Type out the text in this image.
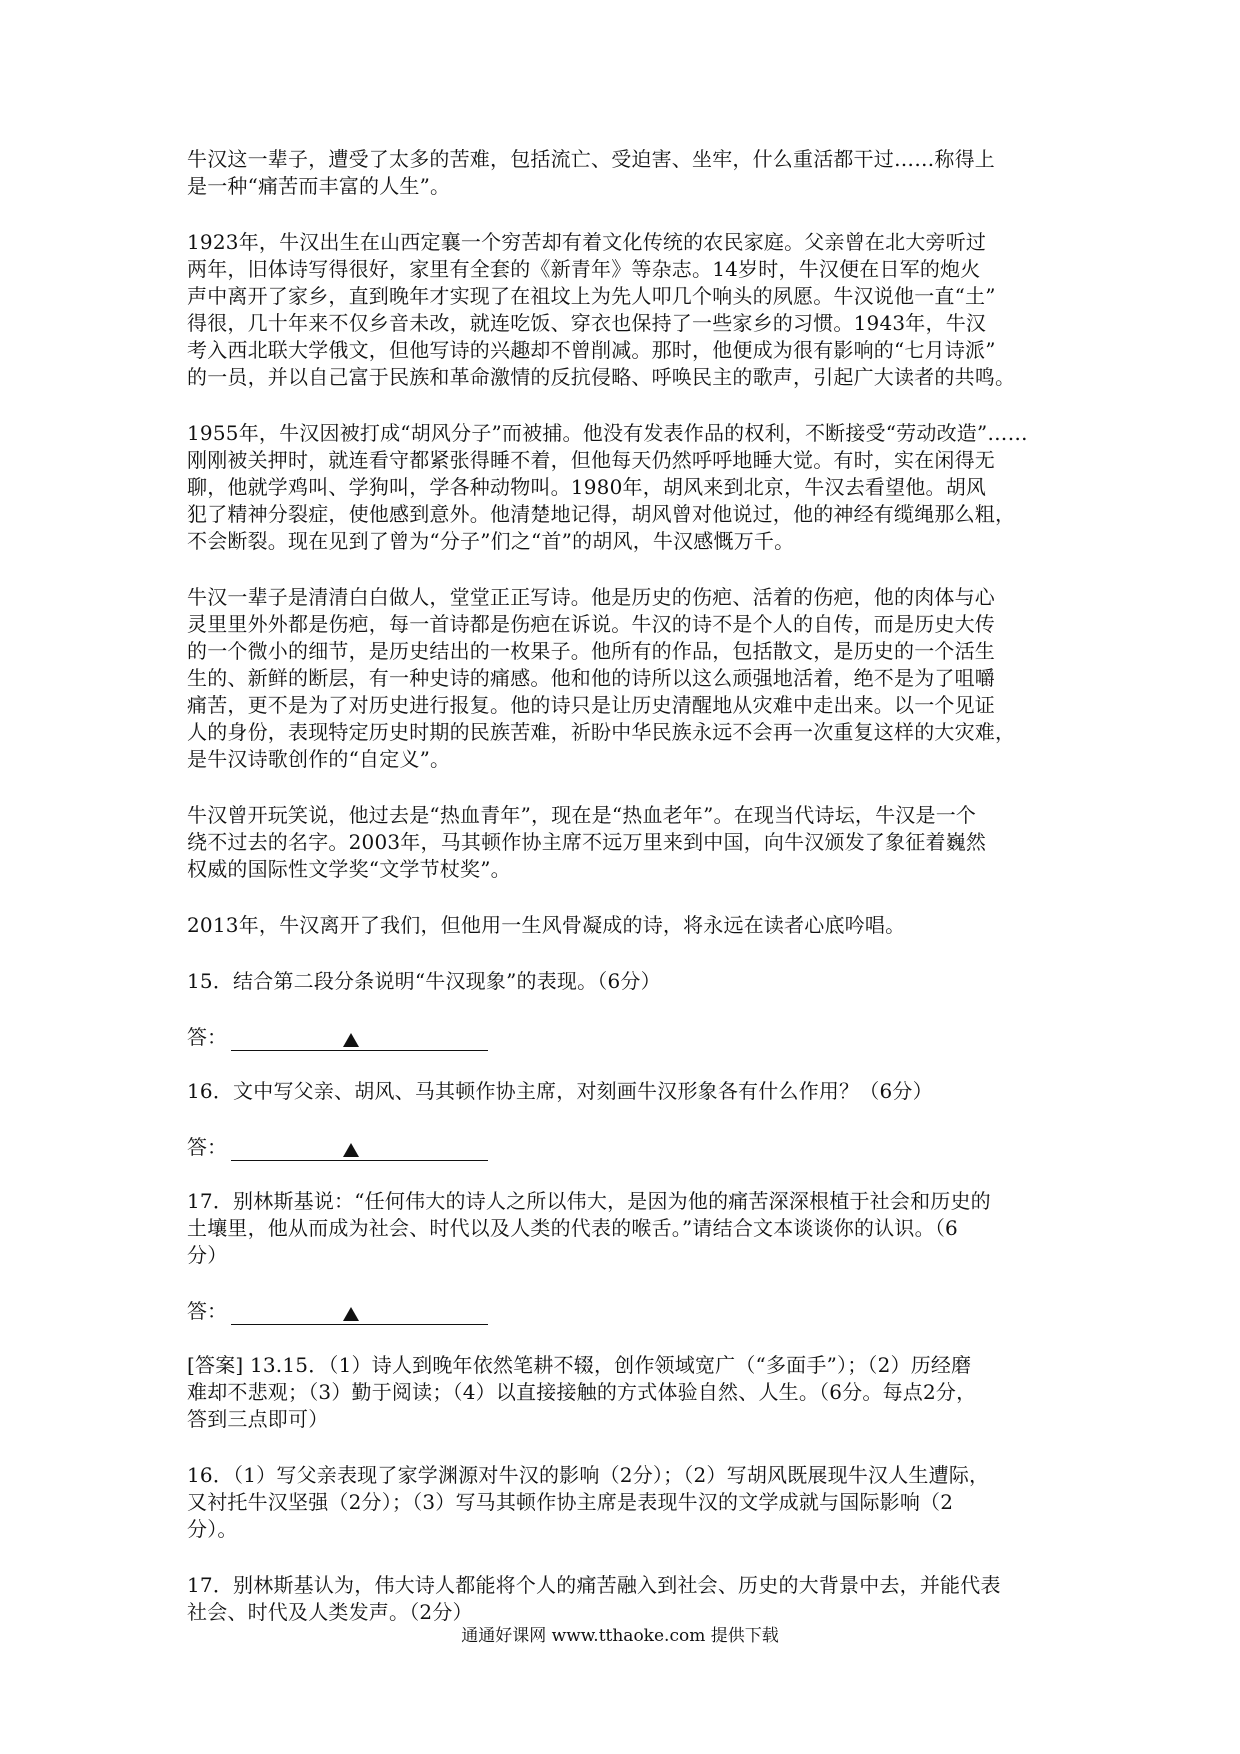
牛汉这一辈子，遭受了太多的苦难，包括流亡、受迫害、坐牢，什么重活都干过……称得上
是一种“痛苦而丰富的人生”。
1923年，牛汉出生在山西定襄一个穷苦却有着文化传统的农民家庭。父亲曾在北大旁听过
两年，旧体诗写得很好，家里有全套的《新青年》等杂志。14岁时，牛汉便在日军的炮火
声中离开了家乡，直到晚年才实现了在祖坟上为先人叩几个响头的夙愿。牛汉说他一直“土”
得很，几十年来不仅乡音未改，就连吃饭、穿衣也保持了一些家乡的习惯。1943年，牛汉
考入西北联大学俄文，但他写诗的兴趣却不曾削减。那时，他便成为很有影响的“七月诗派”
的一员，并以自己富于民族和革命激情的反抗侵略、呼唤民主的歌声，引起广大读者的共鸣。
1955年，牛汉因被打成“胡风分子”而被捕。他没有发表作品的权利，不断接受“劳动改造”……
刚刚被关押时，就连看守都紧张得睡不着，但他每天仍然呼呼地睡大觉。有时，实在闲得无
聊，他就学鸡叫、学狗叫，学各种动物叫。1980年，胡风来到北京，牛汉去看望他。胡风
犯了精神分裂症，使他感到意外。他清楚地记得，胡风曾对他说过，他的神经有缆绳那么粗，
不会断裂。现在见到了曾为“分子”们之“首”的胡风，牛汉感慨万千。
牛汉一辈子是清清白白做人，堂堂正正写诗。他是历史的伤疤、活着的伤疤，他的肉体与心
灵里里外外都是伤疤，每一首诗都是伤疤在诉说。牛汉的诗不是个人的自传，而是历史大传
的一个微小的细节，是历史结出的一枚果子。他所有的作品，包括散文，是历史的一个活生
生的、新鲜的断层，有一种史诗的痛感。他和他的诗所以这么顽强地活着，绝不是为了咀嚼
痛苦，更不是为了对历史进行报复。他的诗只是让历史清醒地从灾难中走出来。以一个见证
人的身份，表现特定历史时期的民族苦难，祈盼中华民族永远不会再一次重复这样的大灾难，
是牛汉诗歌创作的“自定义”。
牛汉曾开玩笑说，他过去是“热血青年”，现在是“热血老年”。在现当代诗坛，牛汉是一个
绕不过去的名字。2003年，马其顿作协主席不远万里来到中国，向牛汉颁发了象征着巍然
权威的国际性文学奖“文学节杖奖”。
2013年，牛汉离开了我们，但他用一生风骨凝成的诗，将永远在读者心底吟唱。
15．结合第二段分条说明“牛汉现象”的表现。（6分）
答：
16．文中写父亲、胡风、马其顿作协主席，对刻画牛汉形象各有什么作用？（6分）
答：
17．别林斯基说：“任何伟大的诗人之所以伟大，是因为他的痛苦深深根植于社会和历史的
土壤里，他从而成为社会、时代以及人类的代表的喉舌。”请结合文本谈谈你的认识。（6
分）
答：
[答案] 13.15．（1）诗人到晚年依然笔耕不辍，创作领域宽广（“多面手”）；（2）历经磨
难却不悲观；（3）勤于阅读；（4）以直接接触的方式体验自然、人生。（6分。每点2分，
答到三点即可）
16．（1）写父亲表现了家学渊源对牛汉的影响（2分）；（2）写胡风既展现牛汉人生遭际，
又衬托牛汉坚强（2分）；（3）写马其顿作协主席是表现牛汉的文学成就与国际影响（2
分）。
17．别林斯基认为，伟大诗人都能将个人的痛苦融入到社会、历史的大背景中去，并能代表
社会、时代及人类发声。（2分）
通通好课网 www.tthaoke.com 提供下载
